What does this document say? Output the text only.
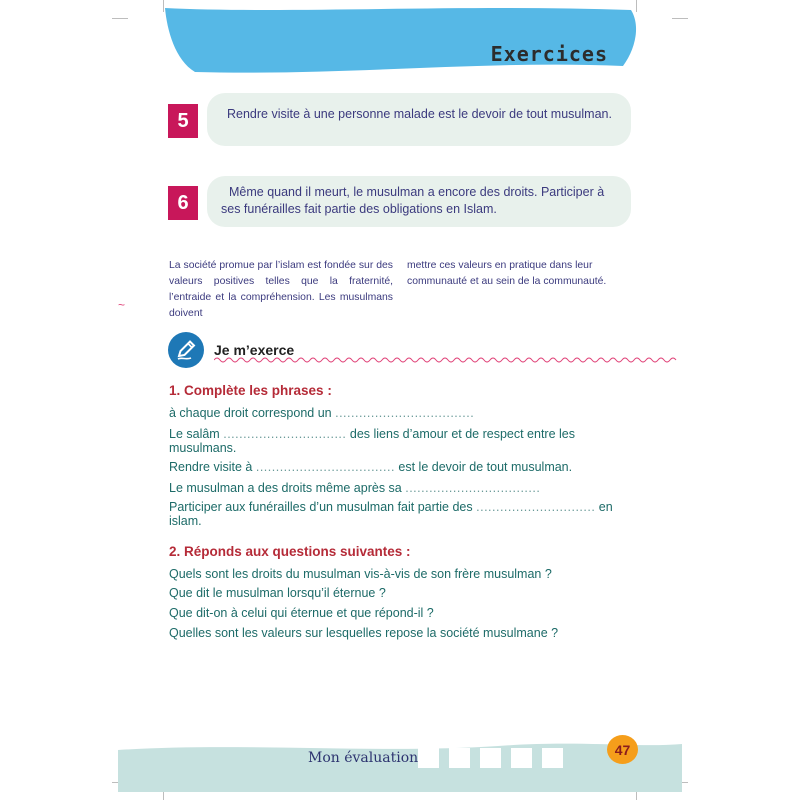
Exercices
5	Rendre visite à une personne malade est le devoir de tout musulman.
6	Même quand il meurt, le musulman a encore des droits. Participer à ses funérailles fait partie des obligations en Islam.
La société promue par l’islam est fondée sur des valeurs positives telles que la fraternité, l’entraide et la compréhension. Les musulmans doivent
mettre ces valeurs en pratique dans leur communauté et au sein de la communauté.
~
Je m’exerce
1. Complète les phrases :
à chaque droit correspond un ...................................
Le salâm ............................... des liens d’amour et de respect entre les musulmans.
Rendre visite à ................................... est le devoir de tout musulman.
Le musulman a des droits même après sa ..................................
Participer aux funérailles d’un musulman fait partie des .............................. en islam.
2. Réponds aux questions suivantes :
Quels sont les droits du musulman vis-à-vis de son frère musulman ?
Que dit le musulman lorsqu’il éternue ?
Que dit-on à celui qui éternue et que répond-il ?
Quelles sont les valeurs sur lesquelles repose la société musulmane ?
Mon évaluation
47
